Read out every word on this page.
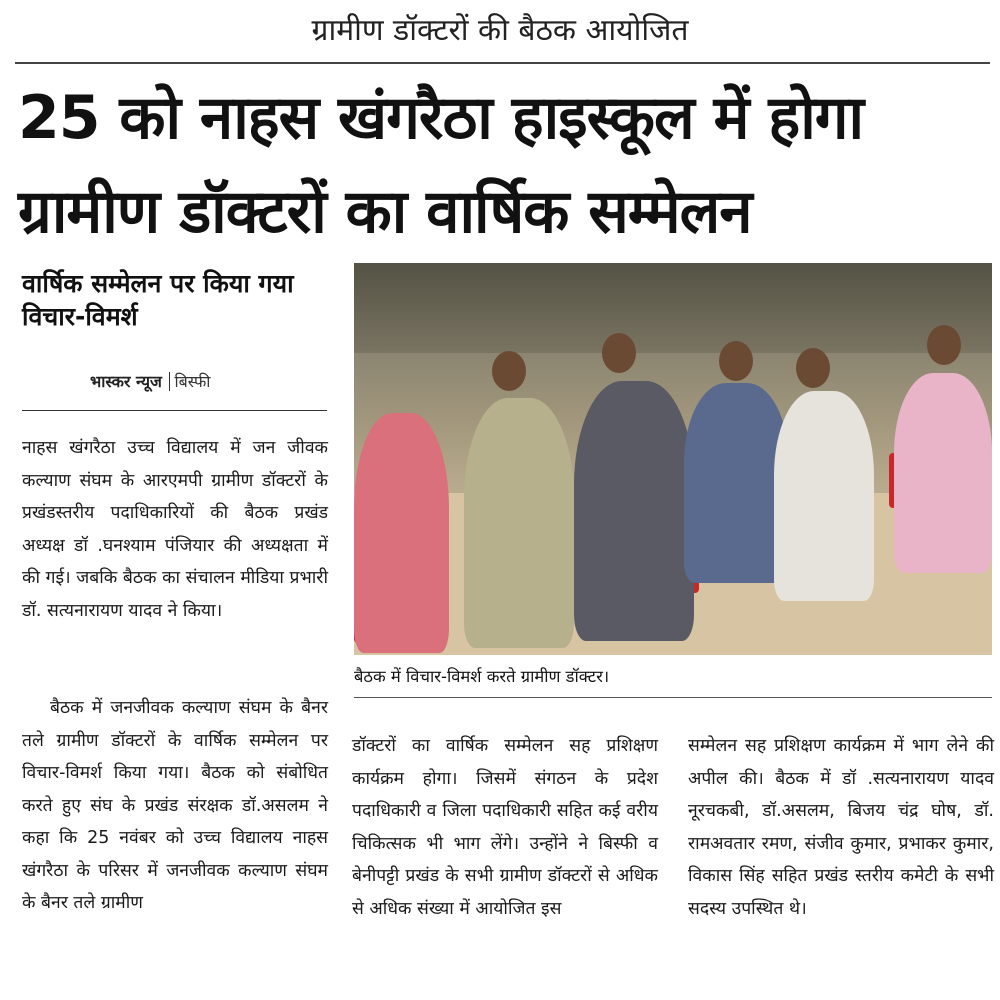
ग्रामीण डॉक्टरों की बैठक आयोजित
25 को नाहस खंगरैठा हाइस्कूल में होगा
ग्रामीण डॉक्टरों का वार्षिक सम्मेलन
वार्षिक सम्मेलन पर किया गया विचार-विमर्श
भास्कर न्यूज बिस्फी

नाहस खंगरैठा उच्च विद्यालय में जन जीवक कल्याण संघम के आरएमपी ग्रामीण डॉक्टरों के प्रखंडस्तरीय पदाधिकारियों की बैठक प्रखंड अध्यक्ष डॉ .घनश्याम पंजियार की अध्यक्षता में की गई। जबकि बैठक का संचालन मीडिया प्रभारी डॉ. सत्यनारायण यादव ने किया।

बैठक में जनजीवक कल्याण संघम के बैनर तले ग्रामीण डॉक्टरों के वार्षिक सम्मेलन पर विचार-विमर्श किया गया। बैठक को संबोधित करते हुए संघ के प्रखंड संरक्षक डॉ.असलम ने कहा कि 25 नवंबर को उच्च विद्यालय नाहस खंगरैठा के परिसर में जनजीवक कल्याण संघम के बैनर तले ग्रामीण

बैठक में विचार-विमर्श करते ग्रामीण डॉक्टर।

डॉक्टरों का वार्षिक सम्मेलन सह प्रशिक्षण कार्यक्रम होगा। जिसमें संगठन के प्रदेश पदाधिकारी व जिला पदाधिकारी सहित कई वरीय चिकित्सक भी भाग लेंगे। उन्होंने ने बिस्फी व बेनीपट्टी प्रखंड के सभी ग्रामीण डॉक्टरों से अधिक से अधिक संख्या में आयोजित इस

सम्मेलन सह प्रशिक्षण कार्यक्रम में भाग लेने की अपील की। बैठक में डॉ .सत्यनारायण यादव नूरचकबी, डॉ.असलम, बिजय चंद्र घोष, डॉ. रामअवतार रमण, संजीव कुमार, प्रभाकर कुमार, विकास सिंह सहित प्रखंड स्तरीय कमेटी के सभी सदस्य उपस्थित थे।
